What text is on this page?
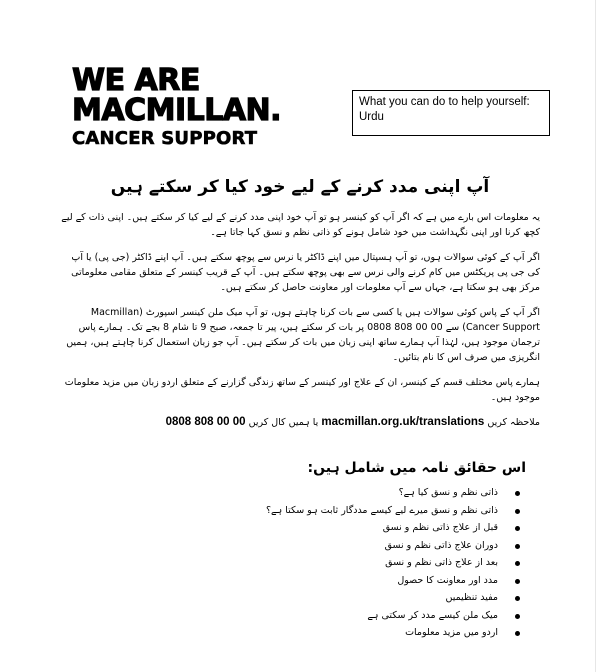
WE ARE
MACMILLAN.
CANCER SUPPORT
What you can do to help yourself:
Urdu
آپ اپنی مدد کرنے کے لیے خود کیا کر سکتے ہیں

یہ معلومات اس بارے میں ہے کہ اگر آپ کو کینسر ہو تو آپ خود اپنی مدد کرنے کے لیے کیا کر سکتے ہیں۔ اپنی ذات کے لیے کچھ کرنا اور اپنی نگہداشت میں خود شامل ہونے کو ذاتی نظم و نسق کہا جاتا ہے۔

اگر آپ کے کوئی سوالات ہوں، تو آپ ہسپتال میں اپنے ڈاکٹر یا نرس سے پوچھ سکتے ہیں۔ آپ اپنے ڈاکٹر (جی پی) یا آپ کی جی پی پریکٹس میں کام کرنے والی نرس سے بھی پوچھ سکتے ہیں۔ آپ کے قریب کینسر کے متعلق مقامی معلوماتی مرکز بھی ہو سکتا ہے، جہاں سے آپ معلومات اور معاونت حاصل کر سکتے ہیں۔

اگر آپ کے پاس کوئی سوالات ہیں یا کسی سے بات کرنا چاہتے ہوں، تو آپ میک ملن کینسر اسپورٹ (Macmillan Cancer Support) سے 00 00 808 0808 پر بات کر سکتے ہیں، پیر تا جمعہ، صبح 9 تا شام 8 بجے تک۔ ہمارے پاس ترجمان موجود ہیں، لہٰذا آپ ہمارے ساتھ اپنی زبان میں بات کر سکتے ہیں۔ آپ جو زبان استعمال کرنا چاہتے ہیں، ہمیں انگریزی میں صرف اس کا نام بتائیں۔

ہمارے پاس مختلف قسم کے کینسر، ان کے علاج اور کینسر کے ساتھ زندگی گزارنے کے متعلق اردو زبان میں مزید معلومات موجود ہیں۔

ملاحظہ کریں macmillan.org.uk/translations یا ہمیں کال کریں 0808 808 00 00

اس حقائق نامہ میں شامل ہیں:
ذاتی نظم و نسق کیا ہے؟
ذاتی نظم و نسق میرے لیے کیسے مددگار ثابت ہو سکتا ہے؟
قبل از علاج ذاتی نظم و نسق
دوران علاج ذاتی نظم و نسق
بعد از علاج ذاتی نظم و نسق
مدد اور معاونت کا حصول
مفید تنظیمیں
میک ملن کیسے مدد کر سکتی ہے
اردو میں مزید معلومات
